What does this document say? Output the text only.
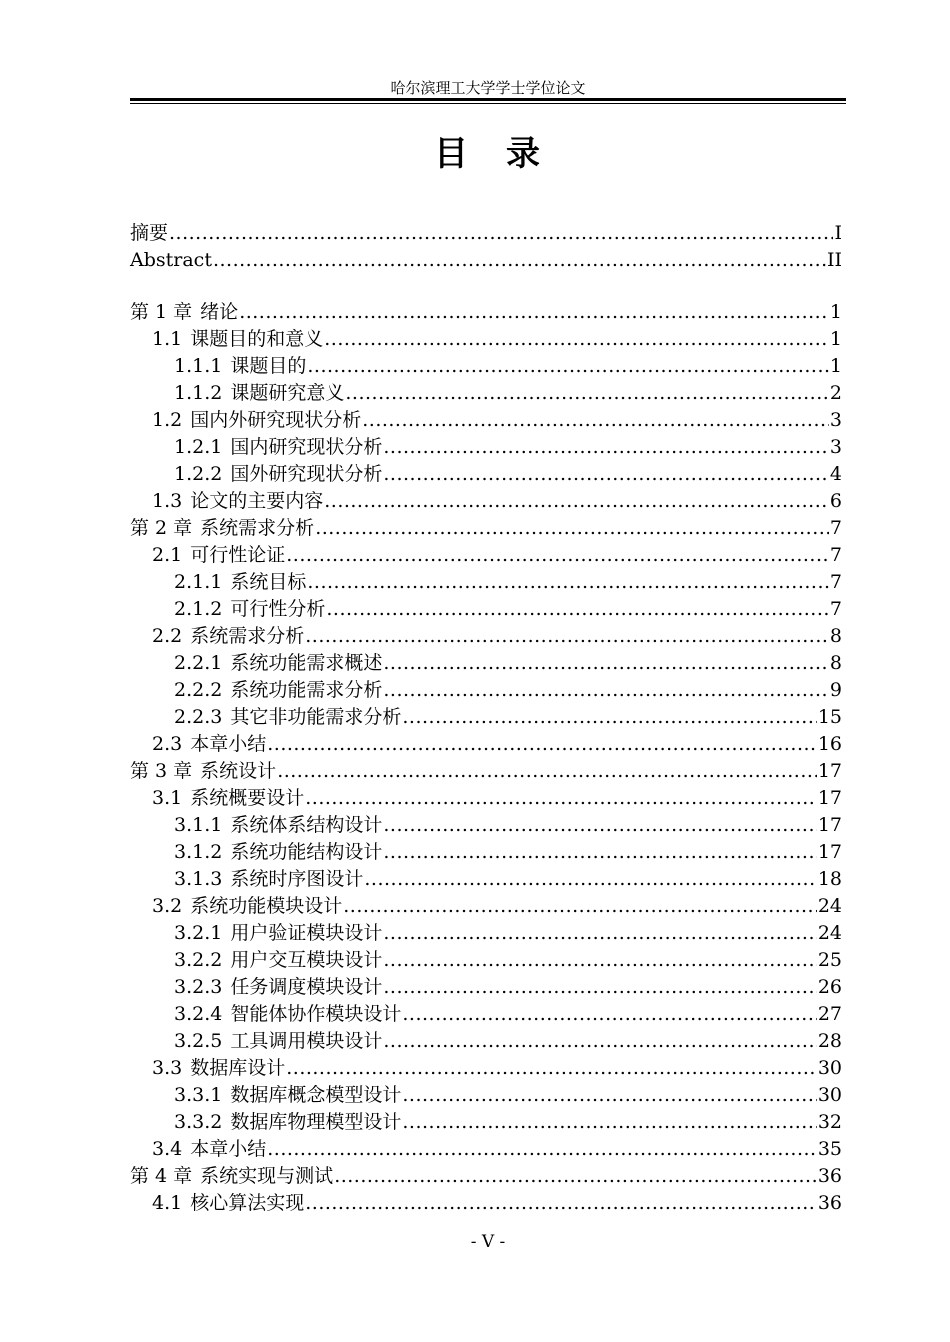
哈尔滨理工大学学士学位论文
目　录
摘要 .....	I
Abstract .....	II
第 1 章 绪论 .....	1
1.1 课题目的和意义 .....	1
1.1.1 课题目的 .....	1
1.1.2 课题研究意义 .....	2
1.2 国内外研究现状分析 .....	3
1.2.1 国内研究现状分析 .....	3
1.2.2 国外研究现状分析 .....	4
1.3 论文的主要内容 .....	6
第 2 章 系统需求分析 .....	7
2.1 可行性论证 .....	7
2.1.1 系统目标 .....	7
2.1.2 可行性分析 .....	7
2.2 系统需求分析 .....	8
2.2.1 系统功能需求概述 .....	8
2.2.2 系统功能需求分析 .....	9
2.2.3 其它非功能需求分析 .....	15
2.3 本章小结 .....	16
第 3 章 系统设计 .....	17
3.1 系统概要设计 .....	17
3.1.1 系统体系结构设计 .....	17
3.1.2 系统功能结构设计 .....	17
3.1.3 系统时序图设计 .....	18
3.2 系统功能模块设计 .....	24
3.2.1 用户验证模块设计 .....	24
3.2.2 用户交互模块设计 .....	25
3.2.3 任务调度模块设计 .....	26
3.2.4 智能体协作模块设计 .....	27
3.2.5 工具调用模块设计 .....	28
3.3 数据库设计 .....	30
3.3.1 数据库概念模型设计 .....	30
3.3.2 数据库物理模型设计 .....	32
3.4 本章小结 .....	35
第 4 章 系统实现与测试 .....	36
4.1 核心算法实现 .....	36
- V -
